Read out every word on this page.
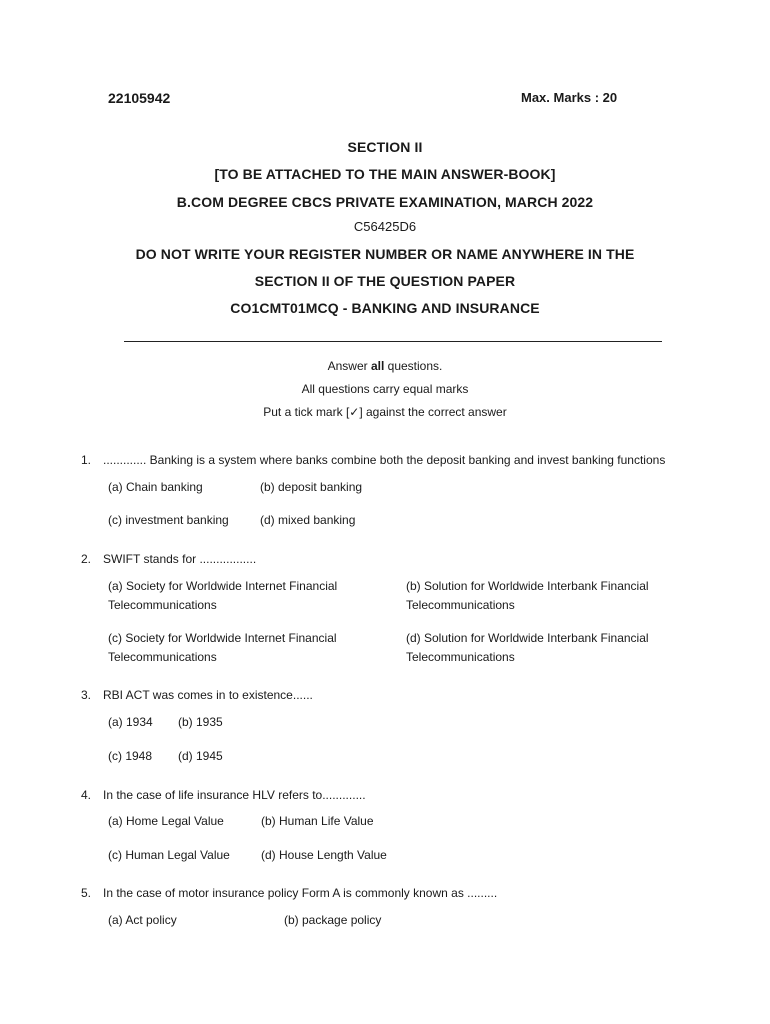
22105942	Max. Marks : 20
SECTION II
[TO BE ATTACHED TO THE MAIN ANSWER-BOOK]
B.COM DEGREE CBCS PRIVATE EXAMINATION, MARCH 2022
C56425D6
DO NOT WRITE YOUR REGISTER NUMBER OR NAME ANYWHERE IN THE
SECTION II OF THE QUESTION PAPER
CO1CMT01MCQ - BANKING AND INSURANCE
Answer all questions.
All questions carry equal marks
Put a tick mark [✓] against the correct answer
1. ............. Banking is a system where banks combine both the deposit banking and invest banking functions
(a) Chain banking	(b) deposit banking
(c) investment banking	(d) mixed banking
2. SWIFT stands for .................
(a) Society for Worldwide Internet Financial
Telecommunications
(b) Solution for Worldwide Interbank Financial
Telecommunications
(c) Society for Worldwide Internet Financial
Telecommunications
(d) Solution for Worldwide Interbank Financial
Telecommunications
3. RBI ACT was comes in to existence......
(a) 1934 (b) 1935
(c) 1948 (d) 1945
4. In the case of life insurance HLV refers to.............
(a) Home Legal Value	(b) Human Life Value
(c) Human Legal Value	(d) House Length Value
5. In the case of motor insurance policy Form A is commonly known as .........
(a) Act policy	(b) package policy
